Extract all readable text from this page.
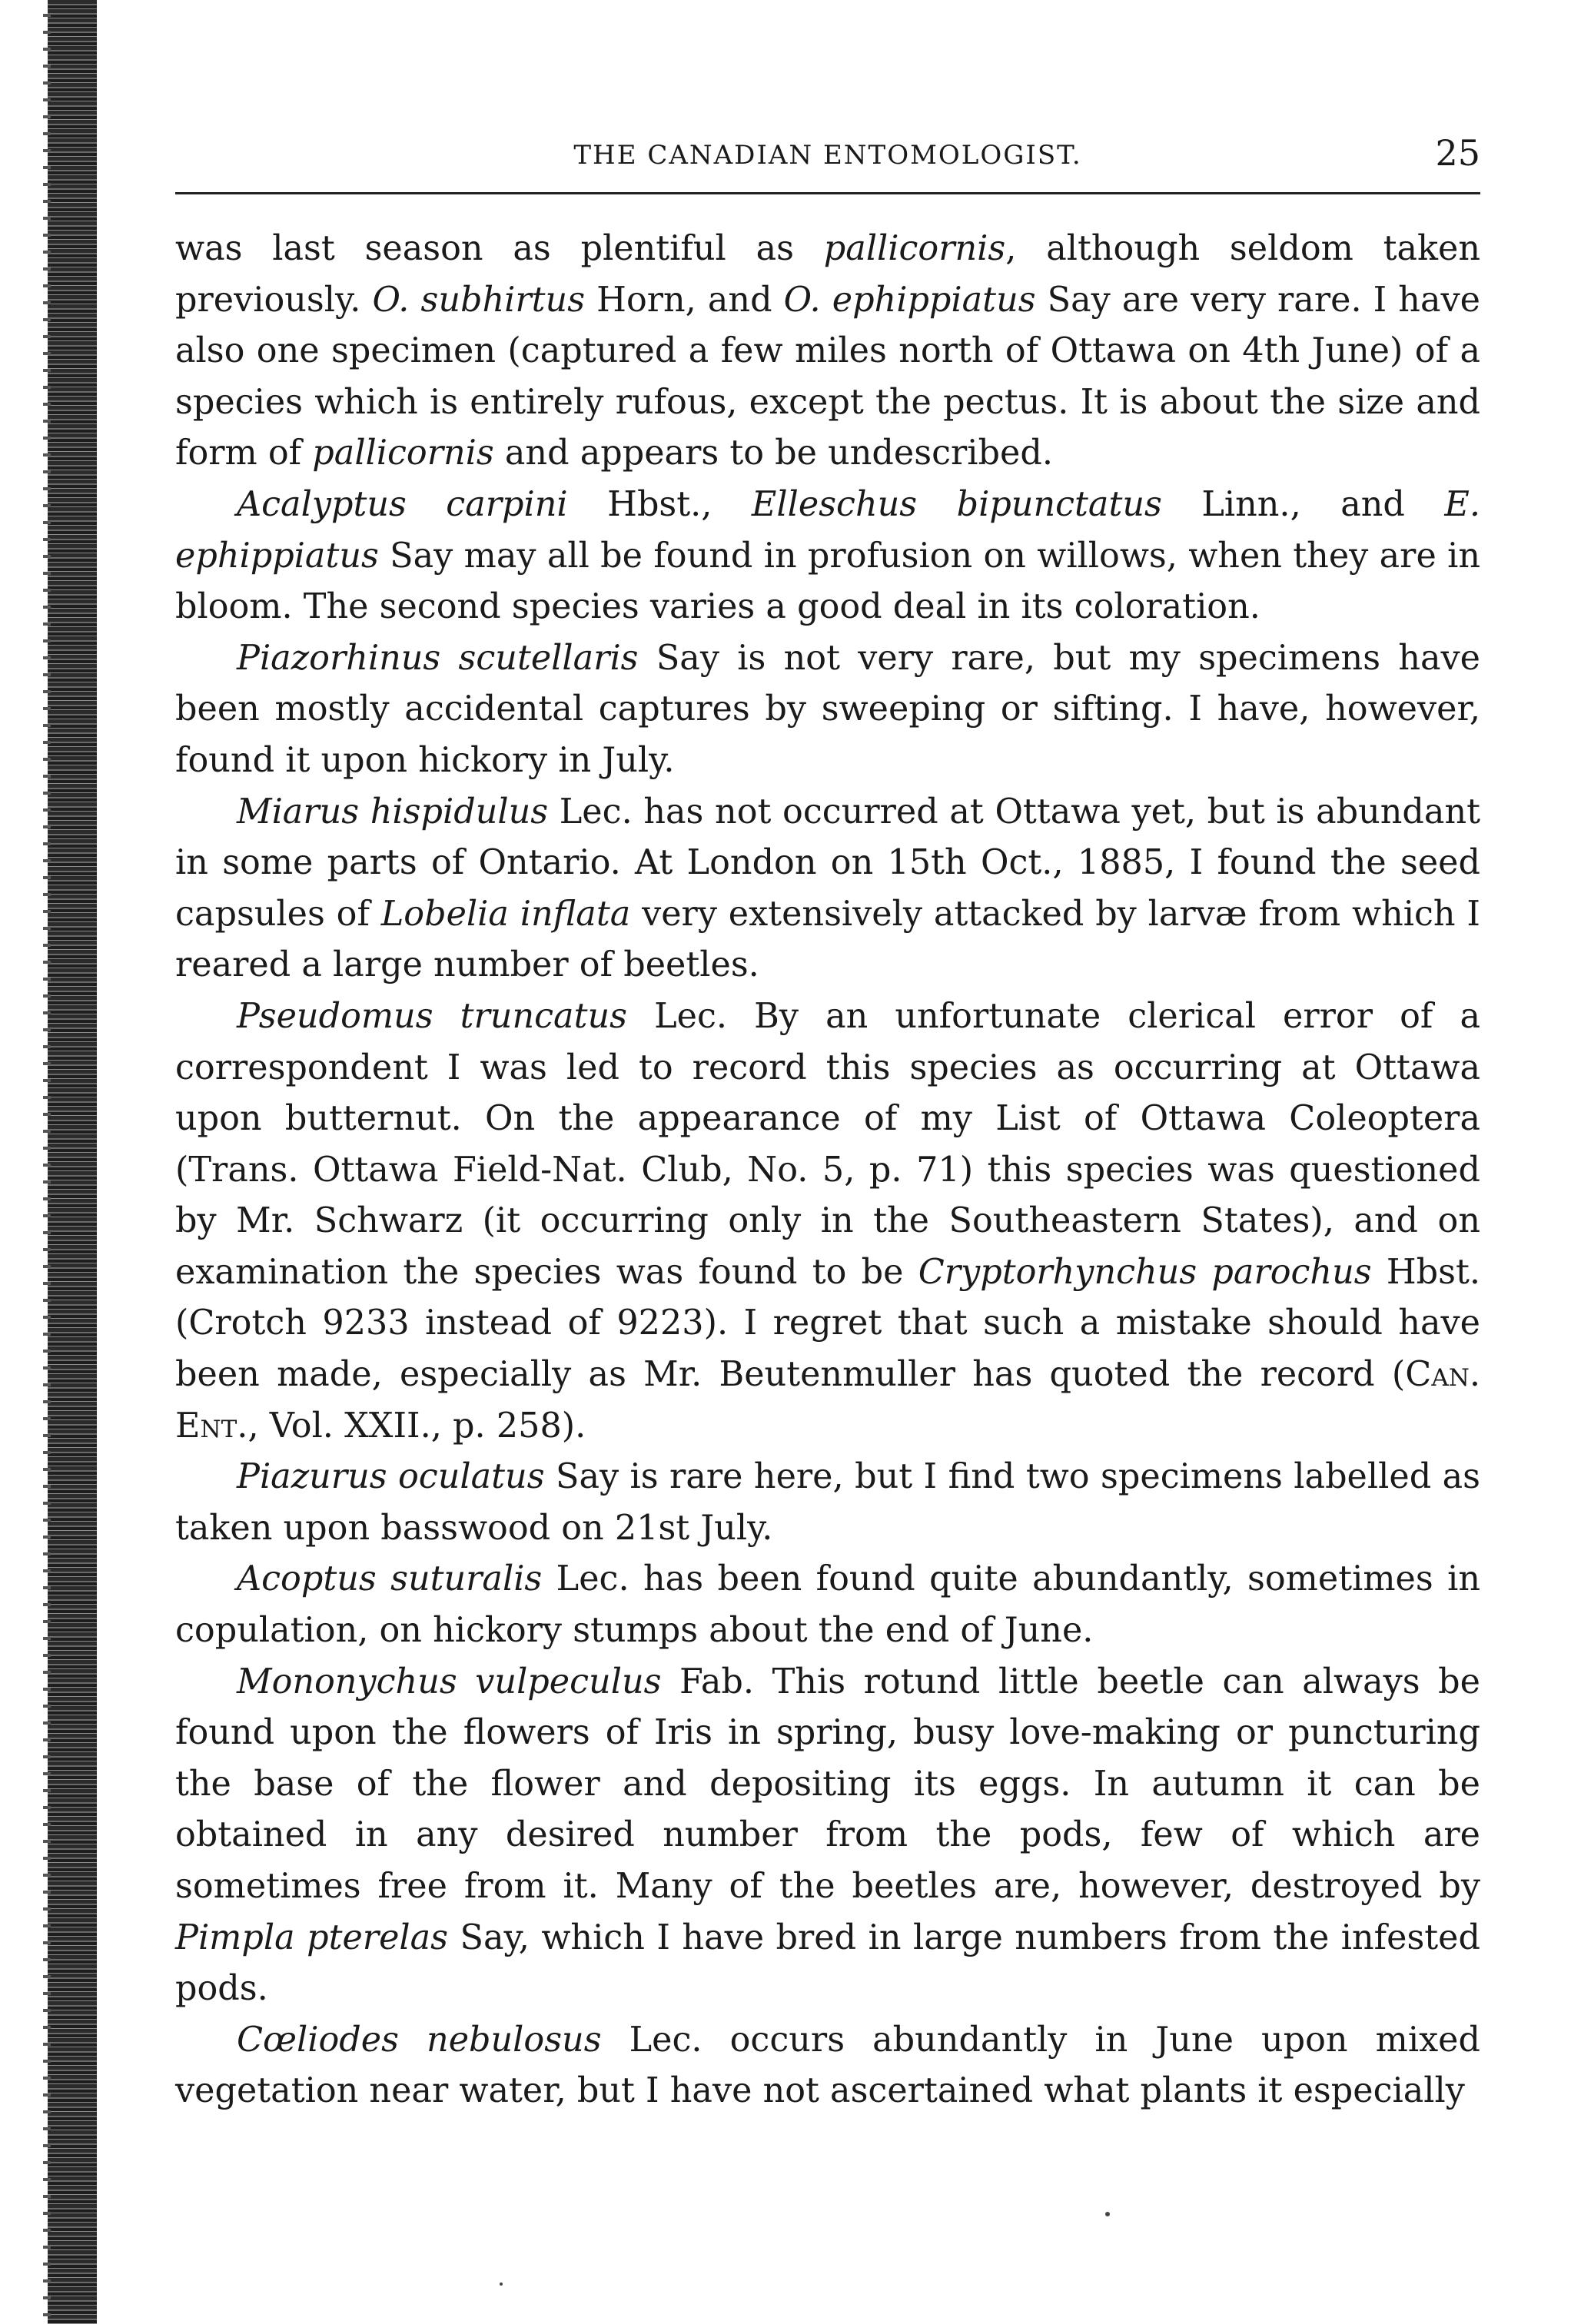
THE CANADIAN ENTOMOLOGIST.	25

was last season as plentiful as pallicornis, although seldom taken previously. O. subhirtus Horn, and O. ephippiatus Say are very rare. I have also one specimen (captured a few miles north of Ottawa on 4th June) of a species which is entirely rufous, except the pectus. It is about the size and form of pallicornis and appears to be undescribed.

Acalyptus carpini Hbst., Elleschus bipunctatus Linn., and E. ephippiatus Say may all be found in profusion on willows, when they are in bloom. The second species varies a good deal in its coloration.

Piazorhinus scutellaris Say is not very rare, but my specimens have been mostly accidental captures by sweeping or sifting. I have, however, found it upon hickory in July.

Miarus hispidulus Lec. has not occurred at Ottawa yet, but is abundant in some parts of Ontario. At London on 15th Oct., 1885, I found the seed capsules of Lobelia inflata very extensively attacked by larvæ from which I reared a large number of beetles.

Pseudomus truncatus Lec. By an unfortunate clerical error of a correspondent I was led to record this species as occurring at Ottawa upon butternut. On the appearance of my List of Ottawa Coleoptera (Trans. Ottawa Field-Nat. Club, No. 5, p. 71) this species was questioned by Mr. Schwarz (it occurring only in the Southeastern States), and on examination the species was found to be Cryptorhynchus parochus Hbst. (Crotch 9233 instead of 9223). I regret that such a mistake should have been made, especially as Mr. Beutenmuller has quoted the record (Can. Ent., Vol. XXII., p. 258).

Piazurus oculatus Say is rare here, but I find two specimens labelled as taken upon basswood on 21st July.

Acoptus suturalis Lec. has been found quite abundantly, sometimes in copulation, on hickory stumps about the end of June.

Mononychus vulpeculus Fab. This rotund little beetle can always be found upon the flowers of Iris in spring, busy love-making or puncturing the base of the flower and depositing its eggs. In autumn it can be obtained in any desired number from the pods, few of which are sometimes free from it. Many of the beetles are, however, destroyed by Pimpla pterelas Say, which I have bred in large numbers from the infested pods.

Cœliodes nebulosus Lec. occurs abundantly in June upon mixed vegetation near water, but I have not ascertained what plants it especially
